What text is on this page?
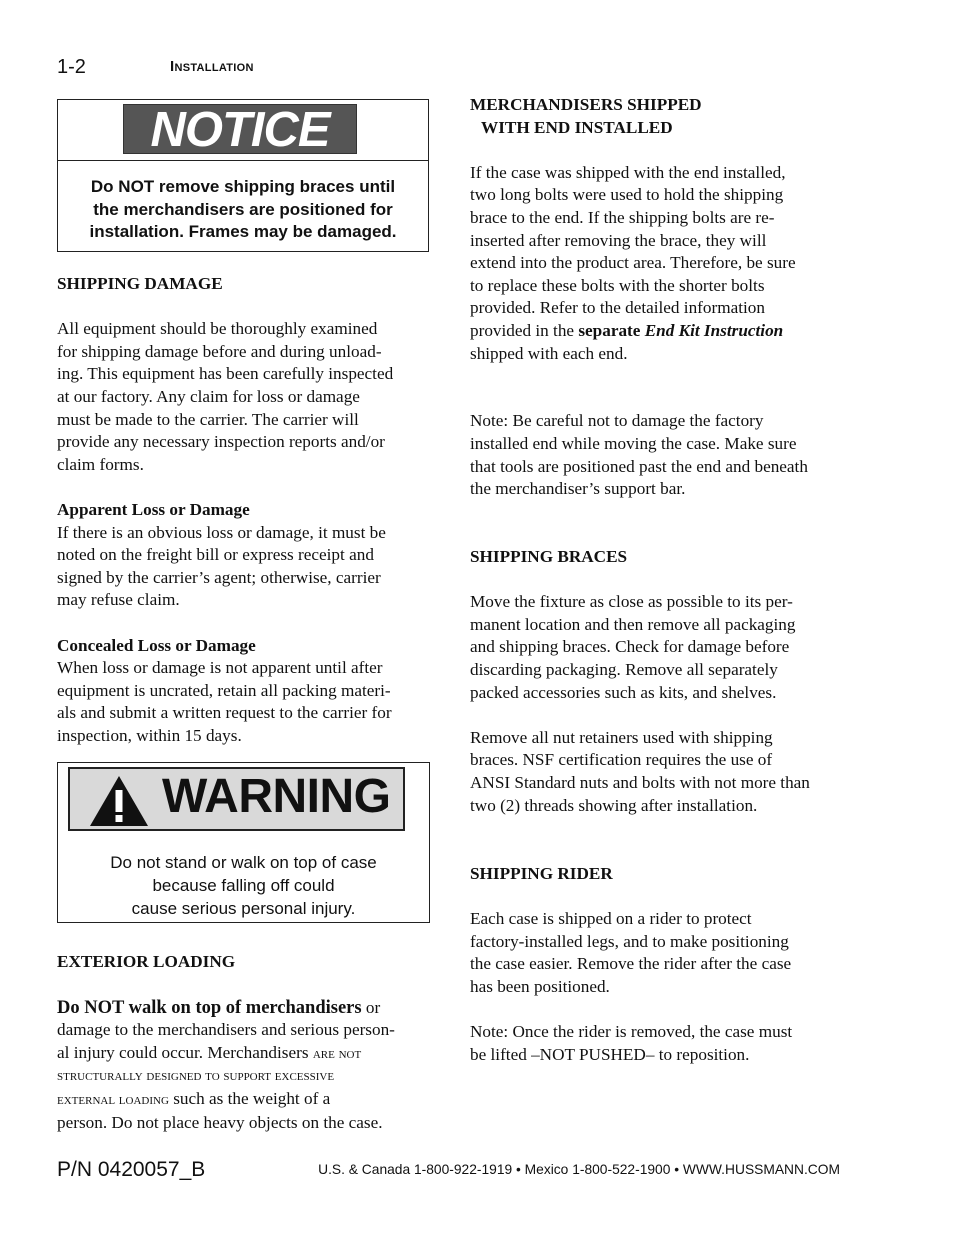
1-2	Installation
NOTICE
Do NOT remove shipping braces until
the merchandisers are positioned for
installation. Frames may be damaged.

SHIPPING DAMAGE

All equipment should be thoroughly examined

for shipping damage before and during unload-

ing. This equipment has been carefully inspected

at our factory. Any claim for loss or damage

must be made to the carrier. The carrier will

provide any necessary inspection reports and/or

claim forms.

Apparent Loss or Damage

If there is an obvious loss or damage, it must be

noted on the freight bill or express receipt and

signed by the carrier’s agent; otherwise, carrier

may refuse claim.

Concealed Loss or Damage

When loss or damage is not apparent until after

equipment is uncrated, retain all packing materi-

als and submit a written request to the carrier for

inspection, within 15 days.

WARNING
Do not stand or walk on top of case
because falling off could
cause serious personal injury.

EXTERIOR LOADING

Do NOT walk on top of merchandisers or

damage to the merchandisers and serious person-

al injury could occur. Merchandisers are not

structurally designed to support excessive

external loading such as the weight of a

person. Do not place heavy objects on the case.

MERCHANDISERS SHIPPED

WITH END INSTALLED

If the case was shipped with the end installed,

two long bolts were used to hold the shipping

brace to the end. If the shipping bolts are re-

inserted after removing the brace, they will

extend into the product area. Therefore, be sure

to replace these bolts with the shorter bolts

provided. Refer to the detailed information

provided in the separate End Kit Instruction

shipped with each end.

Note: Be careful not to damage the factory

installed end while moving the case. Make sure

that tools are positioned past the end and beneath

the merchandiser’s support bar.

SHIPPING BRACES

Move the fixture as close as possible to its per-

manent location and then remove all packaging

and shipping braces. Check for damage before

discarding packaging. Remove all separately

packed accessories such as kits, and shelves.

Remove all nut retainers used with shipping

braces. NSF certification requires the use of

ANSI Standard nuts and bolts with not more than

two (2) threads showing after installation.

SHIPPING RIDER

Each case is shipped on a rider to protect

factory-installed legs, and to make positioning

the case easier. Remove the rider after the case

has been positioned.

Note: Once the rider is removed, the case must

be lifted –NOT PUSHED– to reposition.

P/N 0420057_B	U.S. & Canada 1-800-922-1919 • Mexico 1-800-522-1900 • WWW.HUSSMANN.COM
